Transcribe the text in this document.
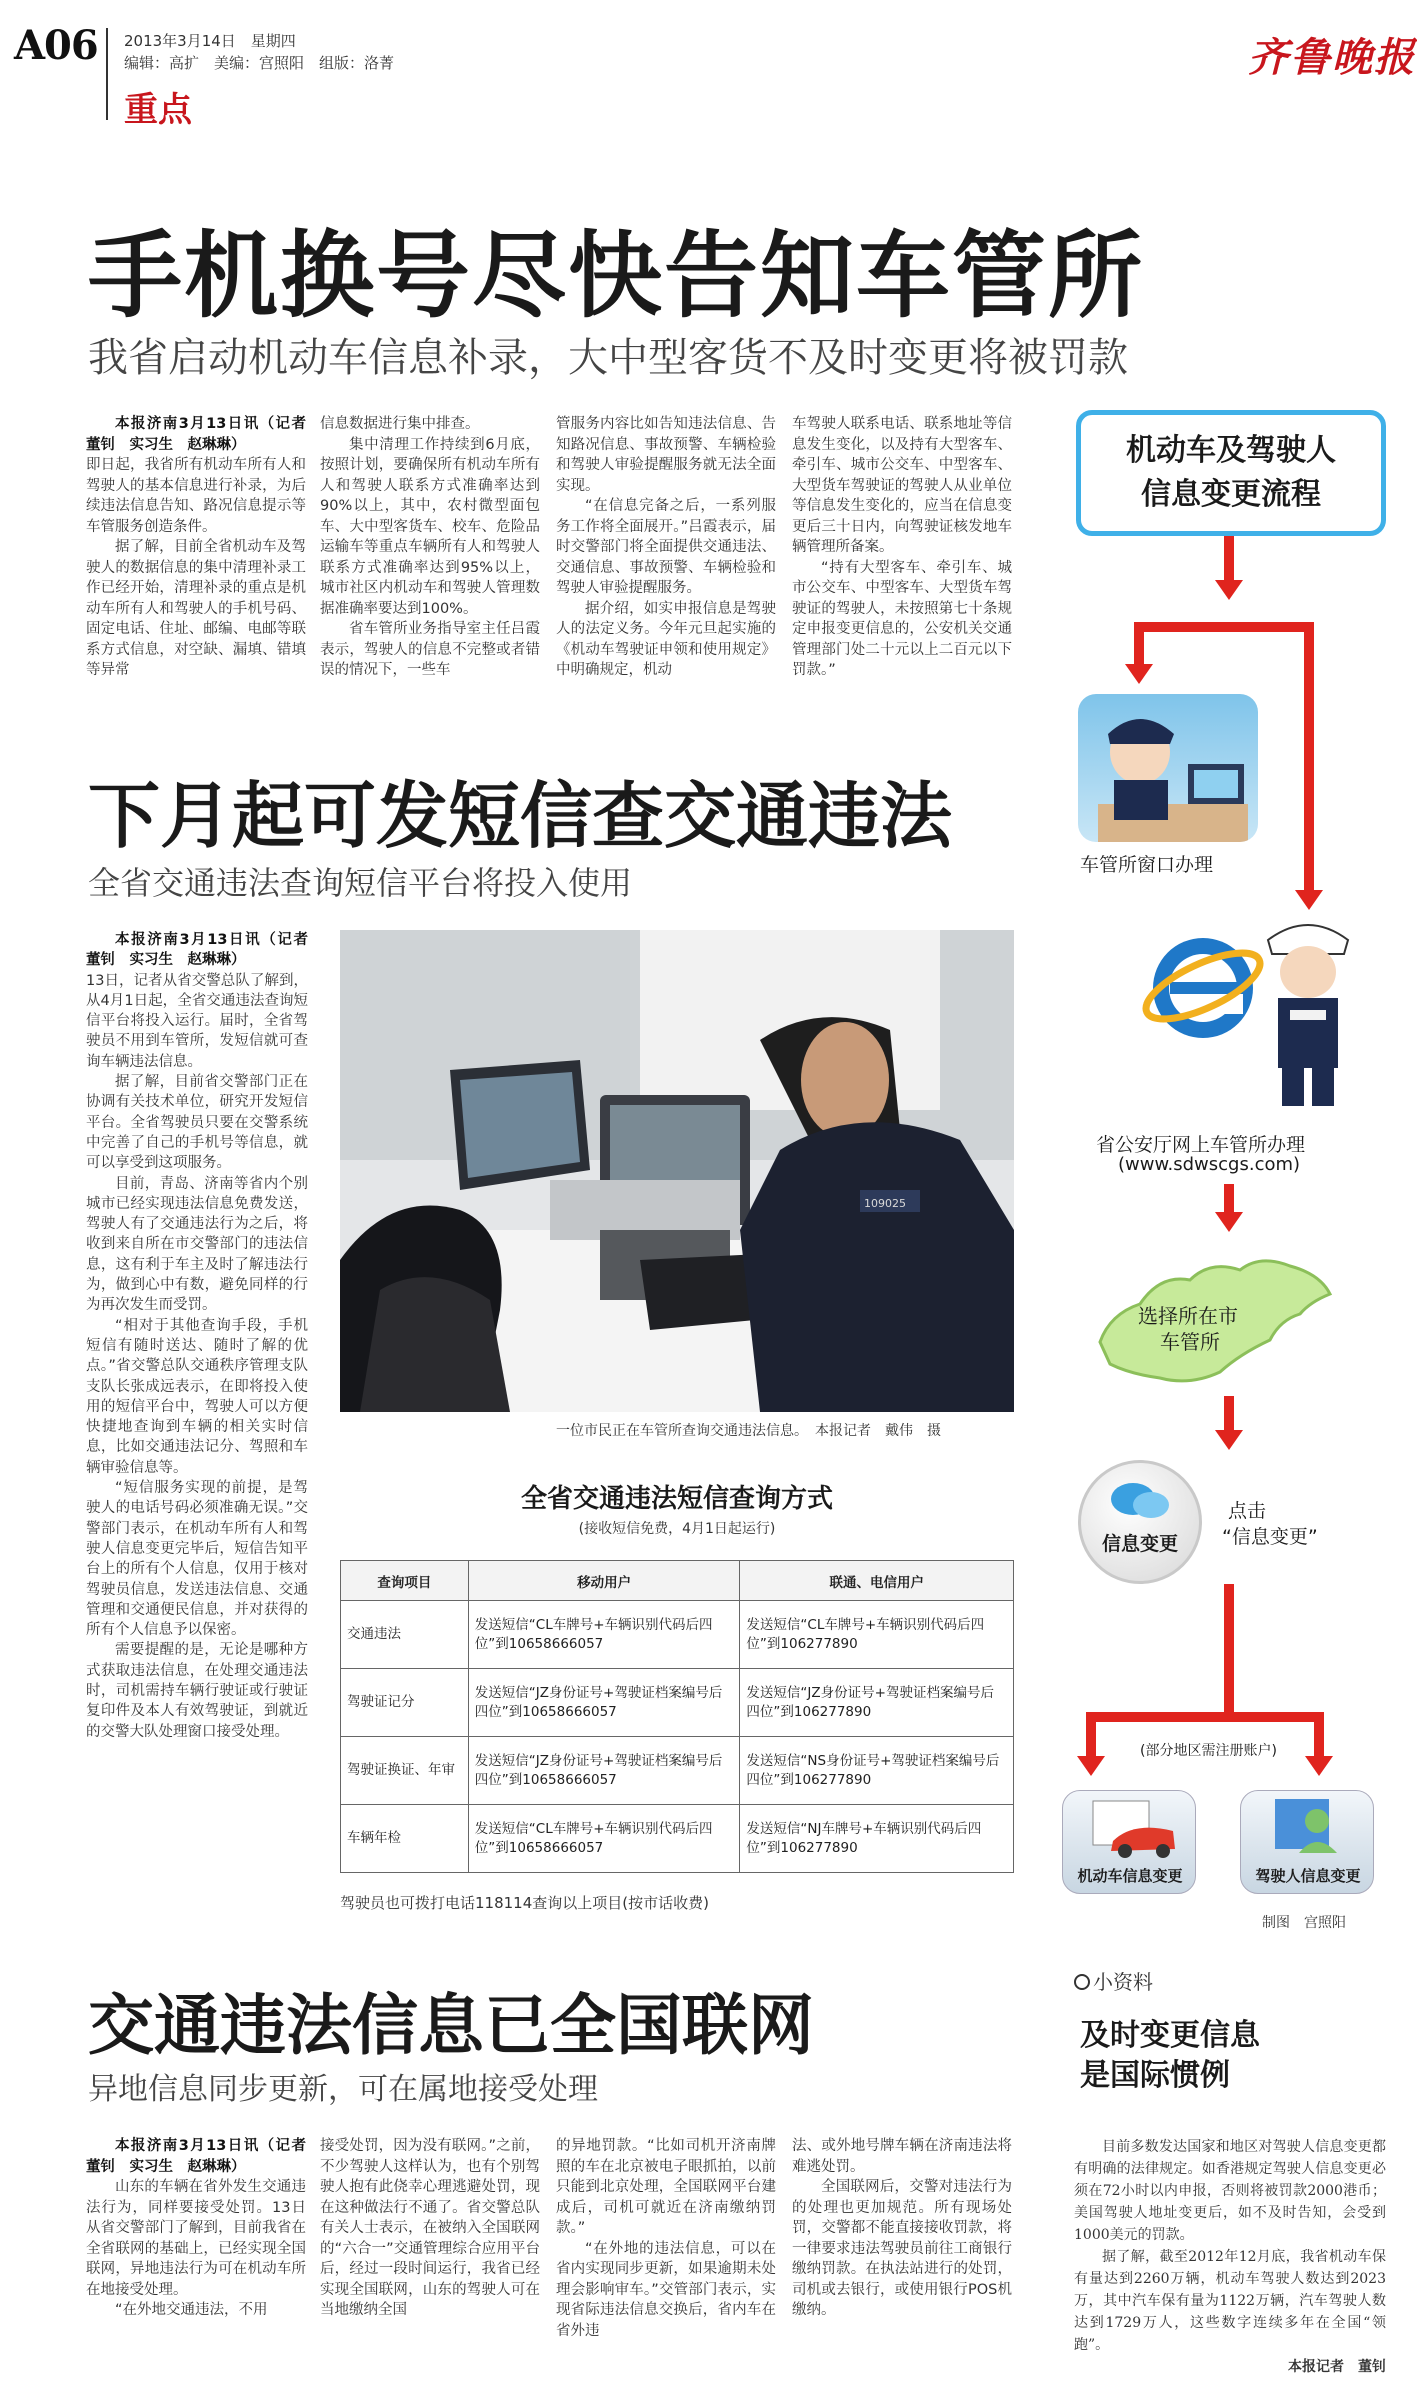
A06 2013年3月14日　星期四
编辑：高扩　美编：宫照阳　组版：洛菁
重点
齐鲁晚报
手机换号尽快告知车管所
我省启动机动车信息补录，大中型客货不及时变更将被罚款
本报济南3月13日讯（记者 董钊　实习生　赵琳琳）
即日起，我省所有机动车所有人和驾驶人的基本信息进行补录，为后续违法信息告知、路况信息提示等车管服务创造条件。
据了解，目前全省机动车及驾驶人的数据信息的集中清理补录工作已经开始，清理补录的重点是机动车所有人和驾驶人的手机号码、固定电话、住址、邮编、电邮等联系方式信息，对空缺、漏填、错填等异常
信息数据进行集中排查。
集中清理工作持续到6月底，按照计划，要确保所有机动车所有人和驾驶人联系方式准确率达到90%以上，其中，农村微型面包车、大中型客货车、校车、危险品运输车等重点车辆所有人和驾驶人联系方式准确率达到95%以上，城市社区内机动车和驾驶人管理数据准确率要达到100%。
省车管所业务指导室主任吕霞表示，驾驶人的信息不完整或者错误的情况下，一些车
管服务内容比如告知违法信息、告知路况信息、事故预警、车辆检验和驾驶人审验提醒服务就无法全面实现。
“在信息完备之后，一系列服务工作将全面展开。”吕霞表示，届时交警部门将全面提供交通违法、交通信息、事故预警、车辆检验和驾驶人审验提醒服务。
据介绍，如实申报信息是驾驶人的法定义务。今年元旦起实施的《机动车驾驶证申领和使用规定》中明确规定，机动
车驾驶人联系电话、联系地址等信息发生变化，以及持有大型客车、牵引车、城市公交车、中型客车、大型货车驾驶证的驾驶人从业单位等信息发生变化的，应当在信息变更后三十日内，向驾驶证核发地车辆管理所备案。
“持有大型客车、牵引车、城市公交车、中型客车、大型货车驾驶证的驾驶人，未按照第七十条规定申报变更信息的，公安机关交通管理部门处二十元以上二百元以下罚款。”
下月起可发短信查交通违法
全省交通违法查询短信平台将投入使用
本报济南3月13日讯（记者 董钊　实习生　赵琳琳）
13日，记者从省交警总队了解到，从4月1日起，全省交通违法查询短信平台将投入运行。届时，全省驾驶员不用到车管所，发短信就可查询车辆违法信息。
据了解，目前省交警部门正在协调有关技术单位，研究开发短信平台。全省驾驶员只要在交警系统中完善了自己的手机号等信息，就可以享受到这项服务。
目前，青岛、济南等省内个别城市已经实现违法信息免费发送，驾驶人有了交通违法行为之后，将收到来自所在市交警部门的违法信息，这有利于车主及时了解违法行为，做到心中有数，避免同样的行为再次发生而受罚。
“相对于其他查询手段，手机短信有随时送达、随时了解的优点。”省交警总队交通秩序管理支队支队长张成远表示，在即将投入使用的短信平台中，驾驶人可以方便快捷地查询到车辆的相关实时信息，比如交通违法记分、驾照和车辆审验信息等。
“短信服务实现的前提，是驾驶人的电话号码必须准确无误。”交警部门表示，在机动车所有人和驾驶人信息变更完毕后，短信告知平台上的所有个人信息，仅用于核对驾驶员信息，发送违法信息、交通管理和交通便民信息，并对获得的所有个人信息予以保密。
需要提醒的是，无论是哪种方式获取违法信息，在处理交通违法时，司机需持车辆行驶证或行驶证复印件及本人有效驾驶证，到就近的交警大队处理窗口接受处理。
109025
一位市民正在车管所查询交通违法信息。　本报记者　戴伟　摄
全省交通违法短信查询方式
(接收短信免费，4月1日起运行)
查询项目	移动用户	联通、电信用户
交通违法	发送短信“CL车牌号+车辆识别代码后四位”到10658666057	发送短信“CL车牌号+车辆识别代码后四位”到106277890
驾驶证记分	发送短信“JZ身份证号+驾驶证档案编号后四位”到10658666057	发送短信“JZ身份证号+驾驶证档案编号后四位”到106277890
驾驶证换证、年审	发送短信“JZ身份证号+驾驶证档案编号后四位”到10658666057	发送短信“NS身份证号+驾驶证档案编号后四位”到106277890
车辆年检	发送短信“CL车牌号+车辆识别代码后四位”到10658666057	发送短信“NJ车牌号+车辆识别代码后四位”到106277890
驾驶员也可拨打电话118114查询以上项目(按市话收费)
交通违法信息已全国联网
异地信息同步更新，可在属地接受处理
本报济南3月13日讯（记者 董钊　实习生　赵琳琳）
山东的车辆在省外发生交通违法行为，同样要接受处罚。13日从省交警部门了解到，目前我省在全省联网的基础上，已经实现全国联网，异地违法行为可在机动车所在地接受处理。
“在外地交通违法，不用
接受处罚，因为没有联网。”之前，不少驾驶人这样认为，也有个别驾驶人抱有此侥幸心理逃避处罚，现在这种做法行不通了。省交警总队有关人士表示，在被纳入全国联网的“六合一”交通管理综合应用平台后，经过一段时间运行，我省已经实现全国联网，山东的驾驶人可在当地缴纳全国
的异地罚款。“比如司机开济南牌照的车在北京被电子眼抓拍，以前只能到北京处理，全国联网平台建成后，司机可就近在济南缴纳罚款。”
“在外地的违法信息，可以在省内实现同步更新，如果逾期未处理会影响审车。”交管部门表示，实现省际违法信息交换后，省内车在省外违
法、或外地号牌车辆在济南违法将难逃处罚。
全国联网后，交警对违法行为的处理也更加规范。所有现场处罚，交警都不能直接接收罚款，将一律要求违法驾驶员前往工商银行缴纳罚款。在执法站进行的处罚，司机或去银行，或使用银行POS机缴纳。
机动车及驾驶人
信息变更流程
车管所窗口办理
省公安厅网上车管所办理
(www.sdwscgs.com)
选择所在市
车管所
信息变更
点击
“信息变更”
(部分地区需注册账户)
机动车信息变更	驾驶人信息变更
制图　宫照阳
小资料
及时变更信息
是国际惯例
目前多数发达国家和地区对驾驶人信息变更都有明确的法律规定。如香港规定驾驶人信息变更必须在72小时以内申报，否则将被罚款2000港币；美国驾驶人地址变更后，如不及时告知，会受到1000美元的罚款。
据了解，截至2012年12月底，我省机动车保有量达到2260万辆，机动车驾驶人数达到2023万，其中汽车保有量为1122万辆，汽车驾驶人数达到1729万人，这些数字连续多年在全国“领跑”。
本报记者　董钊
